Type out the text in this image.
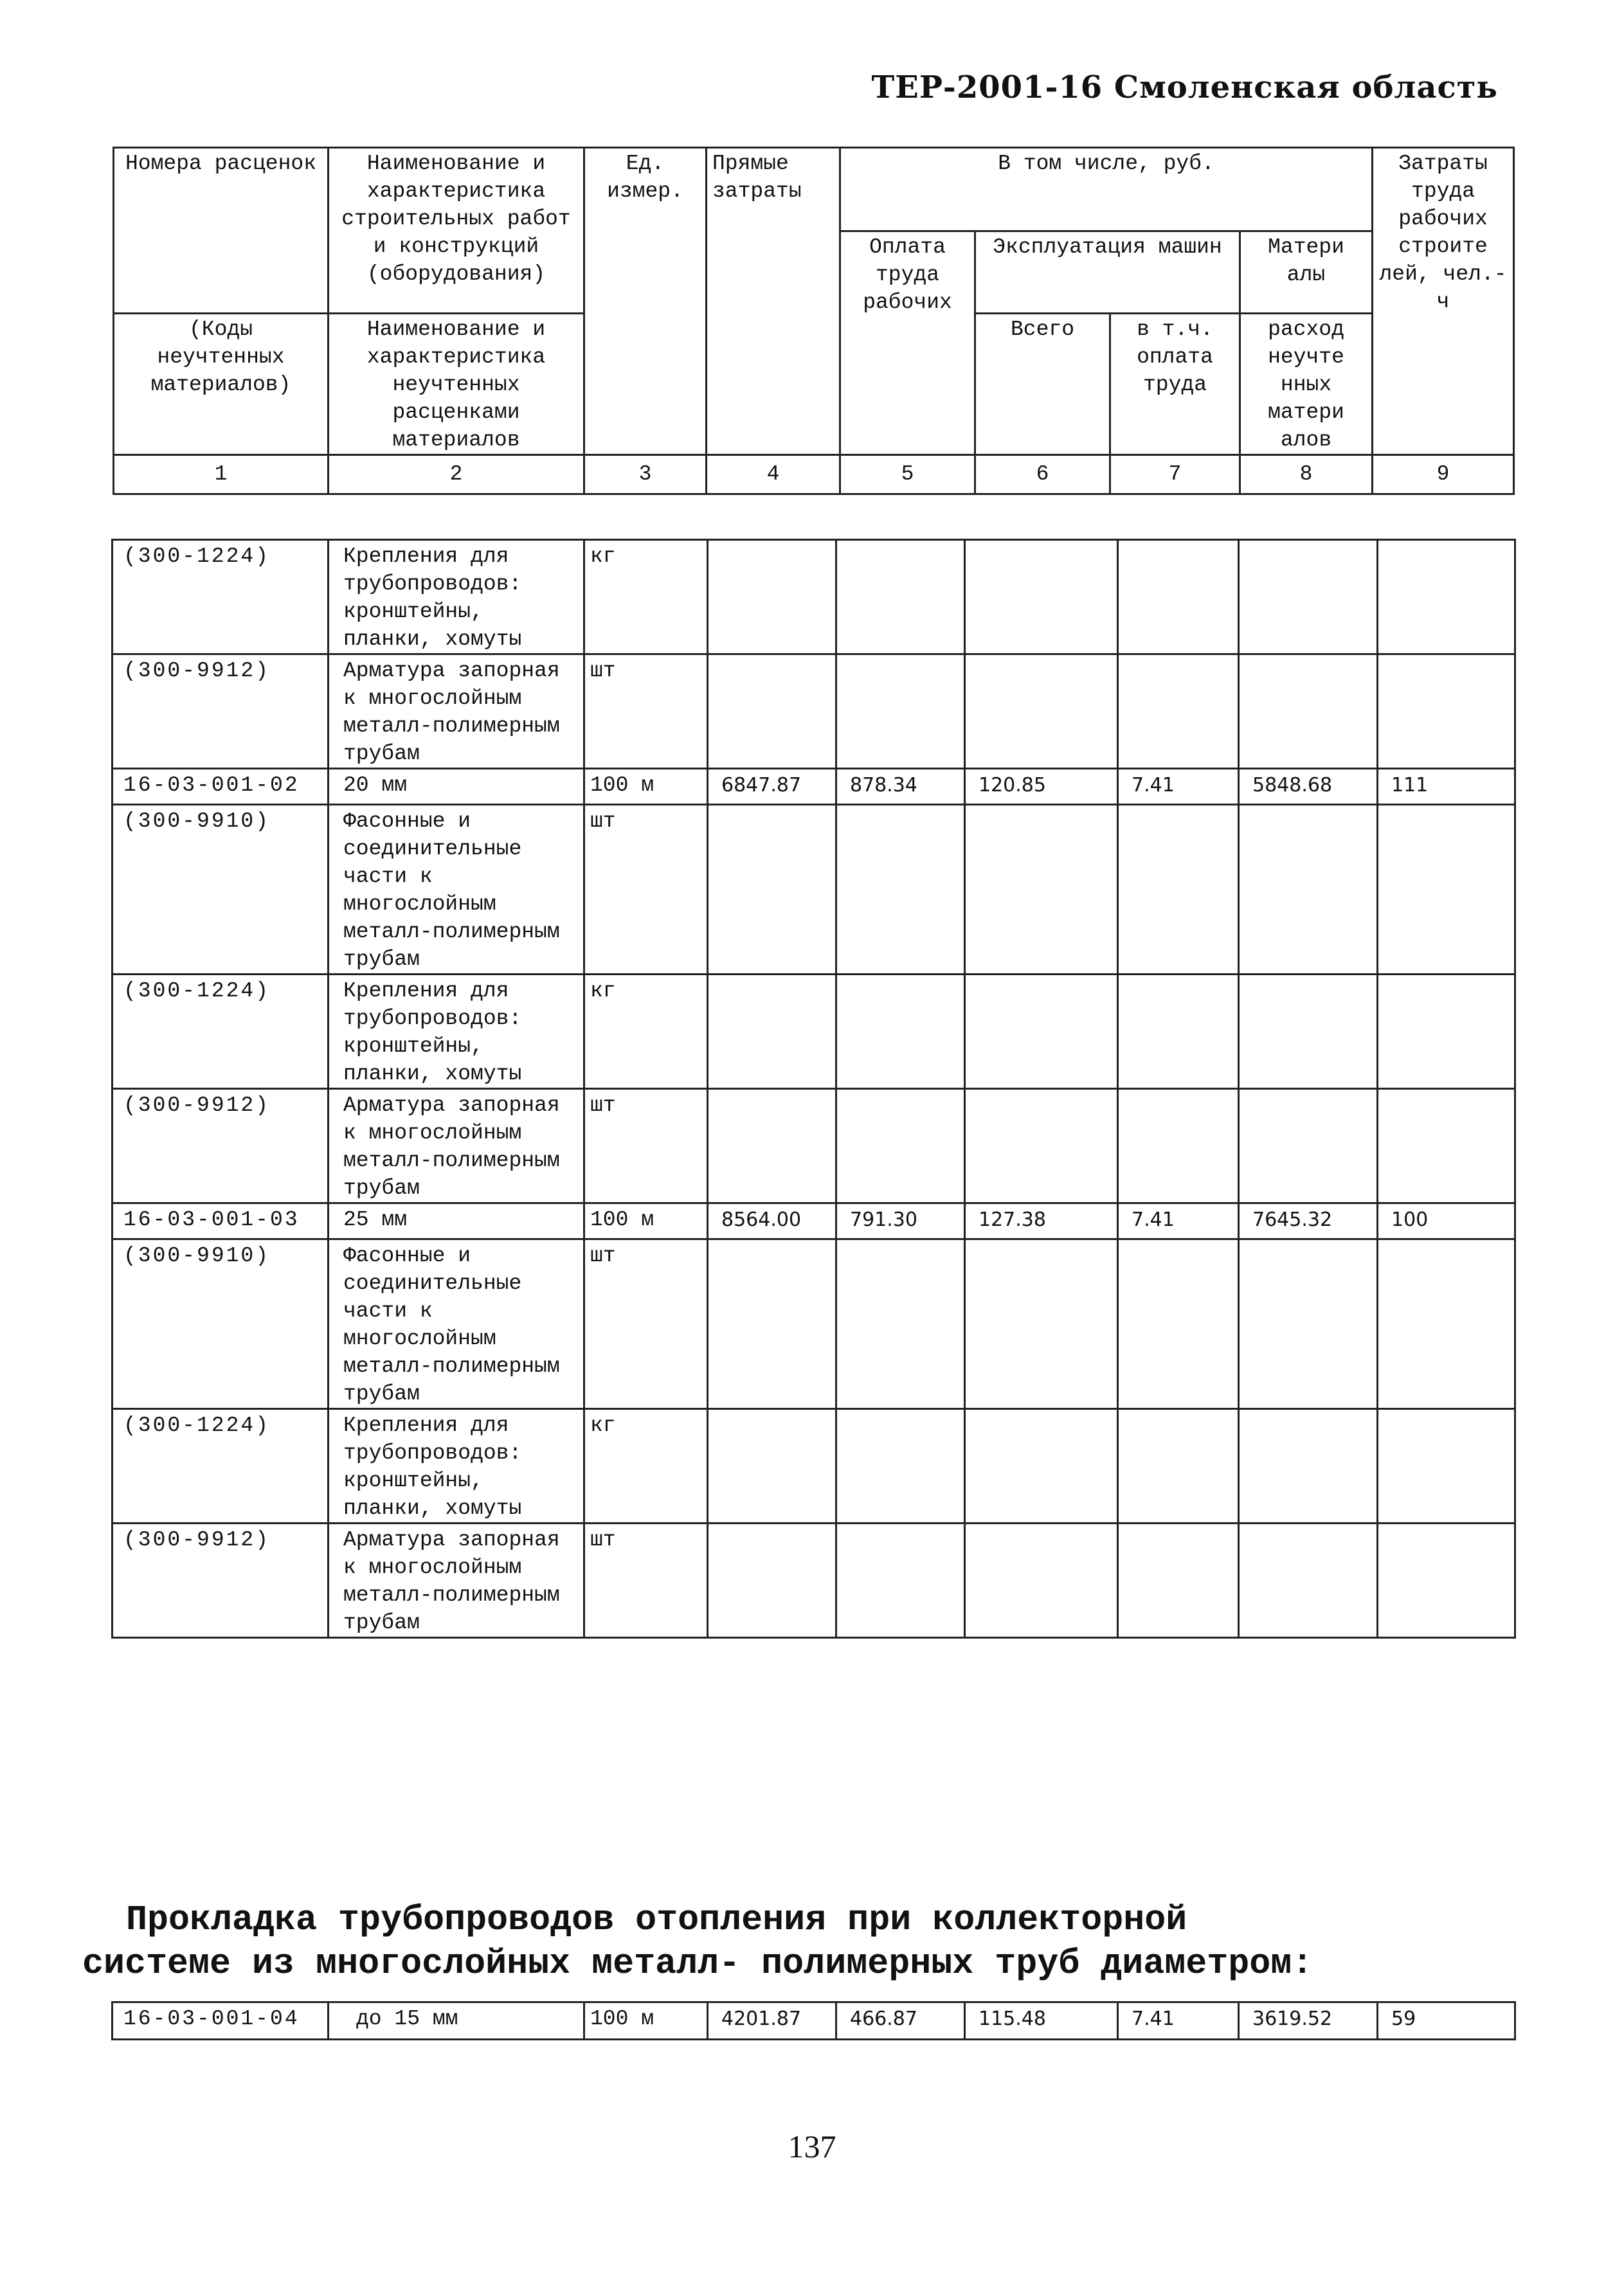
ТЕР-2001-16 Смоленская область
Номера расценок	Наименование и характеристика строительных работ и конструкций (оборудования)	Ед. измер.	Прямые затраты	В том числе, руб.				Затраты труда рабочих строите лей, чел.-ч
				Оплата труда рабочих	Эксплуатация машин		Матери алы	
(Коды неучтенных материалов)	Наименование и характеристика неучтенных расценками материалов				Всего	в т.ч. оплата труда	расход неучте нных матери алов	
1	2	3	4	5	6	7	8	9
(300-1224)	Крепления для трубопроводов: кронштейны, планки, хомуты	кг						
(300-9912)	Арматура запорная к многослойным металл-полимерным трубам	шт						
16-03-001-02	20 мм	100 м	6847.87	878.34	120.85	7.41	5848.68	111
(300-9910)	Фасонные и соединительные части к многослойным металл-полимерным трубам	шт						
(300-1224)	Крепления для трубопроводов: кронштейны, планки, хомуты	кг						
(300-9912)	Арматура запорная к многослойным металл-полимерным трубам	шт						
16-03-001-03	25 мм	100 м	8564.00	791.30	127.38	7.41	7645.32	100
(300-9910)	Фасонные и соединительные части к многослойным металл-полимерным трубам	шт						
(300-1224)	Крепления для трубопроводов: кронштейны, планки, хомуты	кг						
(300-9912)	Арматура запорная к многослойным металл-полимерным трубам	шт						
Прокладка трубопроводов отопления при коллекторной
системе из многослойных металл- полимерных труб диаметром:
16-03-001-04	до 15 мм	100 м	4201.87	466.87	115.48	7.41	3619.52	59
137
